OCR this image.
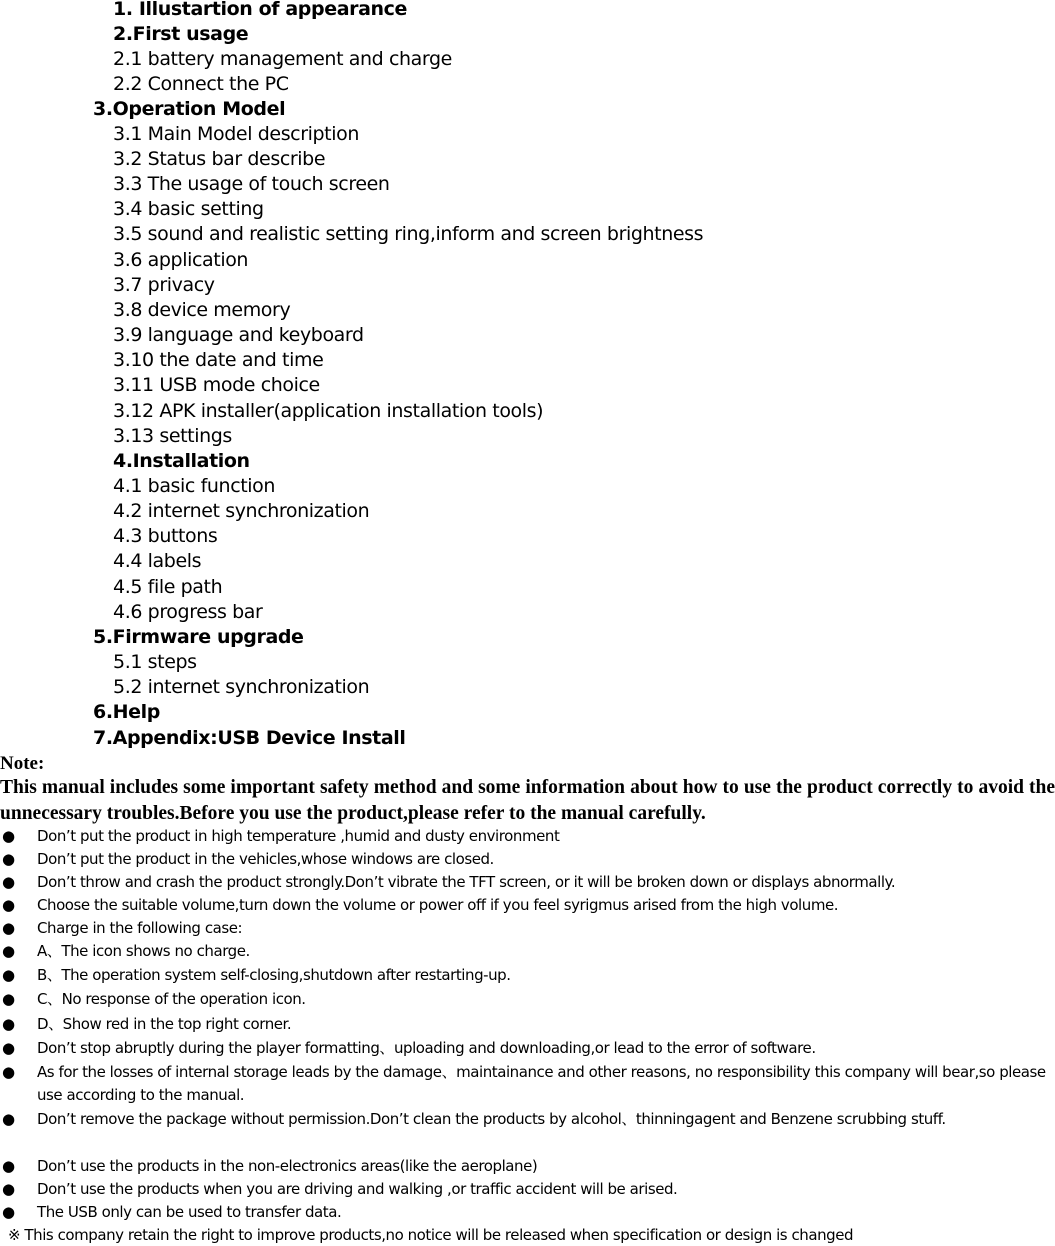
1. Illustartion of appearance
2.First usage
2.1 battery management and charge
2.2 Connect the PC
3.Operation Model
3.1 Main Model description
3.2 Status bar describe
3.3 The usage of touch screen
3.4 basic setting
3.5 sound and realistic setting ring,inform and screen brightness
3.6 application
3.7 privacy
3.8 device memory
3.9 language and keyboard
3.10 the date and time
3.11 USB mode choice
3.12 APK installer(application installation tools)
3.13 settings
4.Installation
4.1 basic function
4.2 internet synchronization
4.3 buttons
4.4 labels
4.5 file path
4.6 progress bar
5.Firmware upgrade
5.1 steps
5.2 internet synchronization
6.Help
7.Appendix:USB Device Install
Note:
This manual includes some important safety method and some information about how to use the product correctly to avoid the unnecessary troubles.Before you use the product,please refer to the manual carefully.
● Don’t put the product in high temperature ,humid and dusty environment
● Don’t put the product in the vehicles,whose windows are closed.
● Don’t throw and crash the product strongly.Don’t vibrate the TFT screen, or it will be broken down or displays abnormally.
● Choose the suitable volume,turn down the volume or power off if you feel syrigmus arised from the high volume.
● Charge in the following case:
● A、The icon shows no charge.
● B、The operation system self-closing,shutdown after restarting-up.
● C、No response of the operation icon.
● D、Show red in the top right corner.
● Don’t stop abruptly during the player formatting、uploading and downloading,or lead to the error of software.
● As for the losses of internal storage leads by the damage、maintainance and other reasons, no responsibility this company will bear,so please use according to the manual.
● Don’t remove the package without permission.Don’t clean the products by alcohol、thinningagent and Benzene scrubbing stuff.
● Don’t use the products in the non-electronics areas(like the aeroplane)
● Don’t use the products when you are driving and walking ,or traffic accident will be arised.
● The USB only can be used to transfer data.
※ This company retain the right to improve products,no notice will be released when specification or design is changed
